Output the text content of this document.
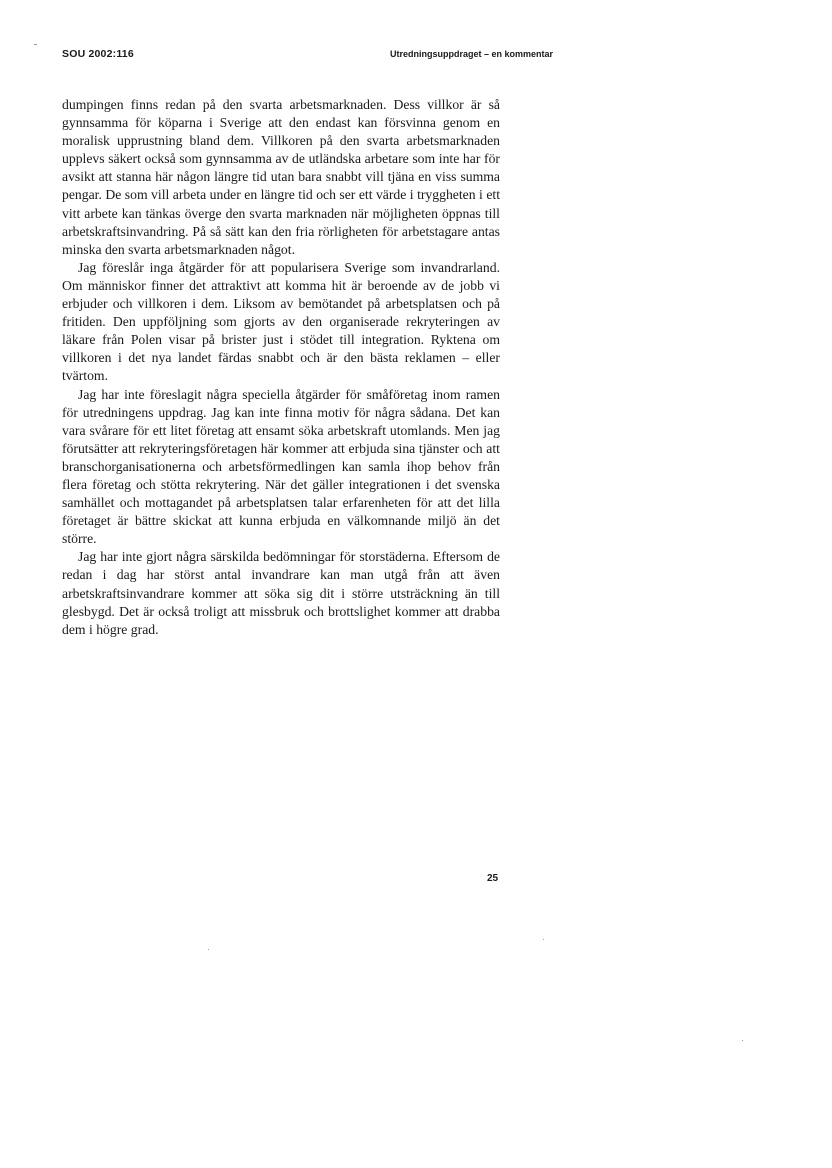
SOU 2002:116	Utredningsuppdraget – en kommentar

dumpingen finns redan på den svarta arbetsmarknaden. Dess villkor är så gynnsamma för köparna i Sverige att den endast kan försvinna genom en moralisk upprustning bland dem. Villkoren på den svarta arbetsmarknaden upplevs säkert också som gynnsamma av de utländska arbetare som inte har för avsikt att stanna här någon längre tid utan bara snabbt vill tjäna en viss summa pengar. De som vill arbeta under en längre tid och ser ett värde i tryggheten i ett vitt arbete kan tänkas överge den svarta marknaden när möjligheten öppnas till arbetskraftsinvandring. På så sätt kan den fria rörligheten för arbetstagare antas minska den svarta arbetsmarknaden något.

Jag föreslår inga åtgärder för att popularisera Sverige som invandrarland. Om människor finner det attraktivt att komma hit är beroende av de jobb vi erbjuder och villkoren i dem. Liksom av bemötandet på arbetsplatsen och på fritiden. Den uppföljning som gjorts av den organiserade rekryteringen av läkare från Polen visar på brister just i stödet till integration. Ryktena om villkoren i det nya landet färdas snabbt och är den bästa reklamen – eller tvärtom.

Jag har inte föreslagit några speciella åtgärder för småföretag inom ramen för utredningens uppdrag. Jag kan inte finna motiv för några sådana. Det kan vara svårare för ett litet företag att ensamt söka arbetskraft utomlands. Men jag förutsätter att rekryteringsföretagen här kommer att erbjuda sina tjänster och att branschorganisationerna och arbetsförmedlingen kan samla ihop behov från flera företag och stötta rekrytering. När det gäller integrationen i det svenska samhället och mottagandet på arbetsplatsen talar erfarenheten för att det lilla företaget är bättre skickat att kunna erbjuda en välkomnande miljö än det större.

Jag har inte gjort några särskilda bedömningar för storstäderna. Eftersom de redan i dag har störst antal invandrare kan man utgå från att även arbetskraftsinvandrare kommer att söka sig dit i större utsträckning än till glesbygd. Det är också troligt att missbruk och brottslighet kommer att drabba dem i högre grad.

25
